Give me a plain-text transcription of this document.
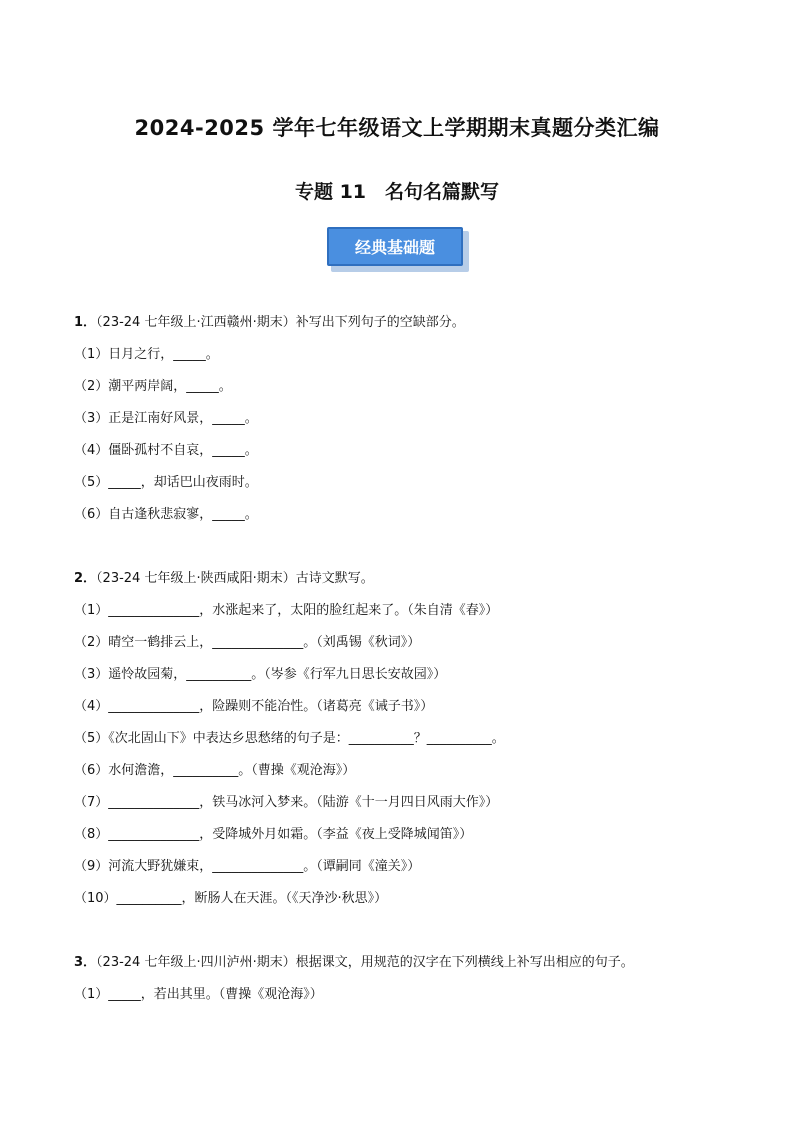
2024-2025 学年七年级语文上学期期末真题分类汇编
专题 11　名句名篇默写
经典基础题
1．（23-24 七年级上·江西赣州·期末）补写出下列句子的空缺部分。
（1）日月之行，_____。
（2）潮平两岸阔，_____。
（3）正是江南好风景，_____。
（4）僵卧孤村不自哀，_____。
（5）_____，却话巴山夜雨时。
（6）自古逢秋悲寂寥，_____。
2．（23-24 七年级上·陕西咸阳·期末）古诗文默写。
（1）______________，水涨起来了，太阳的脸红起来了。（朱自清《春》）
（2）晴空一鹤排云上，______________。（刘禹锡《秋词》）
（3）遥怜故园菊，__________。（岑参《行军九日思长安故园》）
（4）______________，险躁则不能冶性。（诸葛亮《诫子书》）
（5）《次北固山下》中表达乡思愁绪的句子是：__________？__________。
（6）水何澹澹，__________。（曹操《观沧海》）
（7）______________，铁马冰河入梦来。（陆游《十一月四日风雨大作》）
（8）______________，受降城外月如霜。（李益《夜上受降城闻笛》）
（9）河流大野犹嫌束，______________。（谭嗣同《潼关》）
（10）__________，断肠人在天涯。（《天净沙·秋思》）
3．（23-24 七年级上·四川泸州·期末）根据课文，用规范的汉字在下列横线上补写出相应的句子。
（1）_____，若出其里。（曹操《观沧海》）
